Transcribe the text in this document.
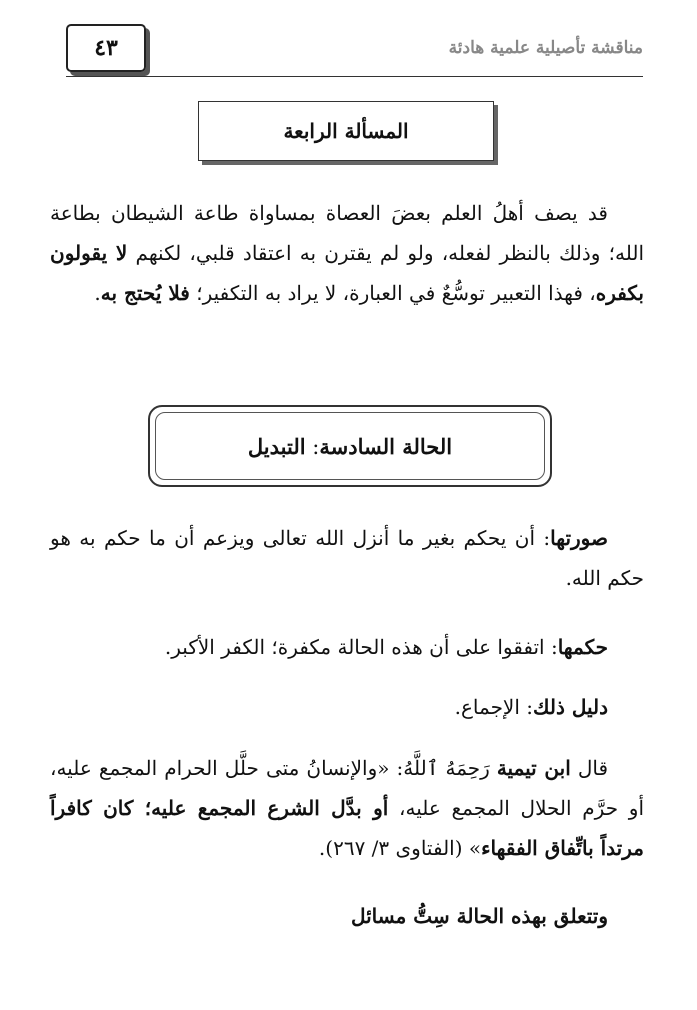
٤٣	مناقشة تأصيلية علمية هادئة
المسألة الرابعة
قد يصف أهلُ العلم بعضَ العصاة بمساواة طاعة الشيطان بطاعة الله؛ وذلك بالنظر لفعله، ولو لم يقترن به اعتقاد قلبي، لكنهم لا يقولون بكفره، فهذا التعبير توسُّعٌ في العبارة، لا يراد به التكفير؛ فلا يُحتج به.
الحالة السادسة: التبديل
صورتها: أن يحكم بغير ما أنزل الله تعالى ويزعم أن ما حكم به هو حكم الله.
حكمها: اتفقوا على أن هذه الحالة مكفرة؛ الكفر الأكبر.
دليل ذلك: الإجماع.
قال ابن تيمية رَحِمَهُ ٱللَّهُ: «والإنسانُ متى حلَّل الحرام المجمع عليه، أو حرَّم الحلال المجمع عليه، أو بدَّل الشرع المجمع عليه؛ كان كافراً مرتداً باتِّفاق الفقهاء» (الفتاوى ٣/ ٢٦٧).
وتتعلق بهذه الحالة سِتُّ مسائل
